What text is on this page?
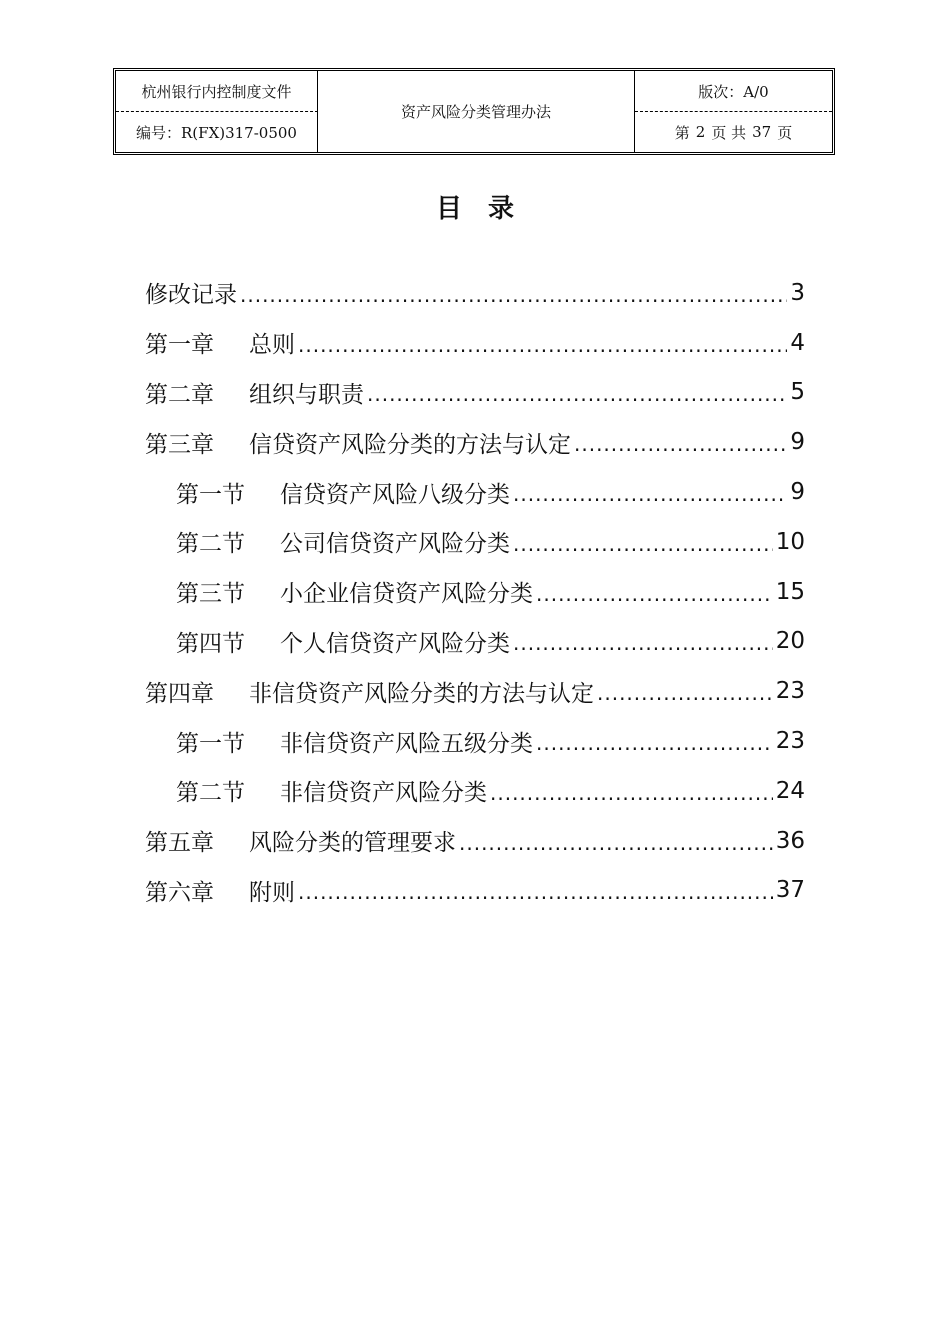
杭州银行内控制度文件
编号：R(FX)317-0500
资产风险分类管理办法
版次：A/0
第 2 页 共 37 页
目录
修改记录 .....	3
第一章	总则 .....	4
第二章	组织与职责 .....	5
第三章	信贷资产风险分类的方法与认定 .....	9
第一节	信贷资产风险八级分类 .....	9
第二节	公司信贷资产风险分类 .....	10
第三节	小企业信贷资产风险分类 .....	15
第四节	个人信贷资产风险分类 .....	20
第四章	非信贷资产风险分类的方法与认定 .....	23
第一节	非信贷资产风险五级分类 .....	23
第二节	非信贷资产风险分类 .....	24
第五章	风险分类的管理要求 .....	36
第六章	附则 .....	37
